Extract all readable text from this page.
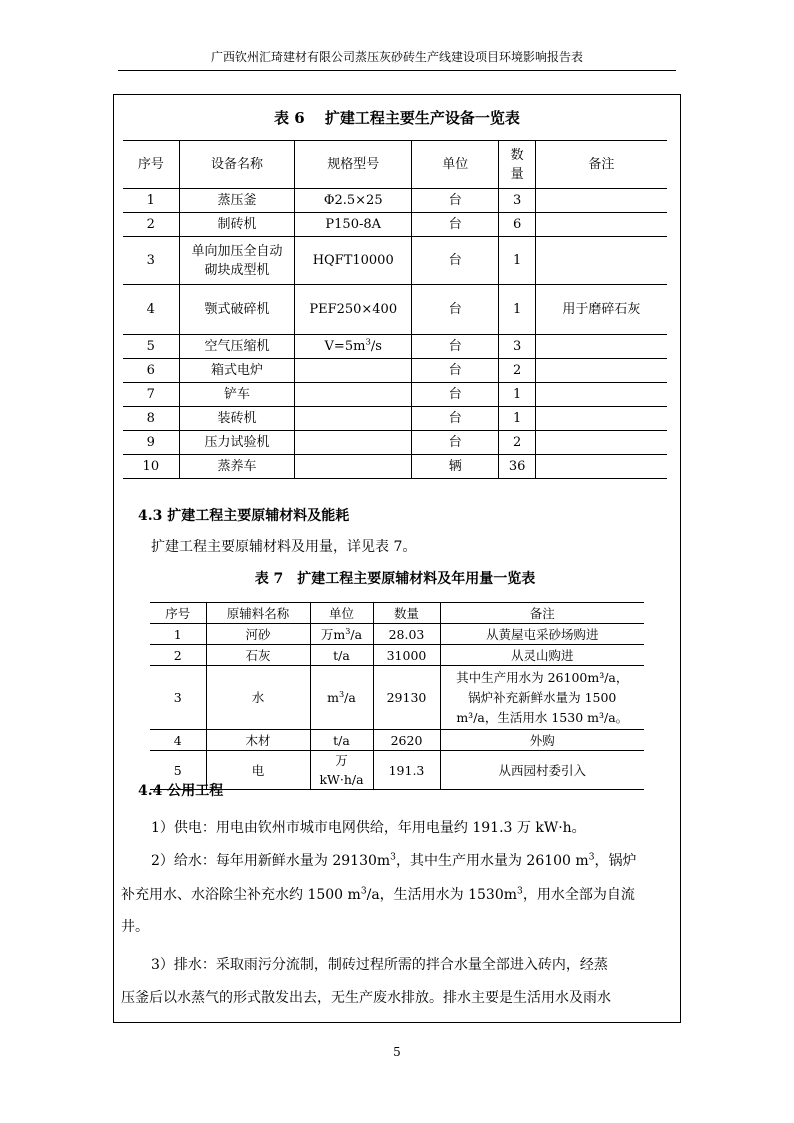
广西钦州汇琦建材有限公司蒸压灰砂砖生产线建设项目环境影响报告表
表 6　 扩建工程主要生产设备一览表
序号	设备名称	规格型号	单位	数量	备注
1	蒸压釜	Φ2.5×25	台	3	
2	制砖机	P150-8A	台	6	
3	单向加压全自动砌块成型机	HQFT10000	台	1	
4	颚式破碎机	PEF250×400	台	1	用于磨碎石灰
5	空气压缩机	$V=5m^3/s$	台	3	
6	箱式电炉		台	2	
7	铲车		台	1	
8	装砖机		台	1	
9	压力试验机		台	2	
10	蒸养车		辆	36	
4.3 扩建工程主要原辅材料及能耗
扩建工程主要原辅材料及用量，详见表 7。
表 7　扩建工程主要原辅材料及年用量一览表
序号	原辅料名称	单位	数量	备注
1	河砂	万$m^3/a$	28.03	从黄屋屯采砂场购进
2	石灰	t/a	31000	从灵山购进
3	水	$m^3/a$	29130	其中生产用水为 26100m³/a，
锅炉补充新鲜水量为 1500
m³/a，生活用水 1530 m³/a。

4	木材	t/a	2620	外购
5	电	万 kW·h/a	191.3	从西园村委引入
4.4 公用工程
1）供电：用电由钦州市城市电网供给，年用电量约 191.3 万 kW·h。
2）给水：每年用新鲜水量为 $29130m^3$，其中生产用水量为 26100 $m^3$，锅炉
补充用水、水浴除尘补充水约 1500 $m^3/a$，生活用水为 $1530m^3$，用水全部为自流
井。
3）排水：采取雨污分流制，制砖过程所需的拌合水量全部进入砖内，经蒸
压釜后以水蒸气的形式散发出去，无生产废水排放。排水主要是生活用水及雨水
5
